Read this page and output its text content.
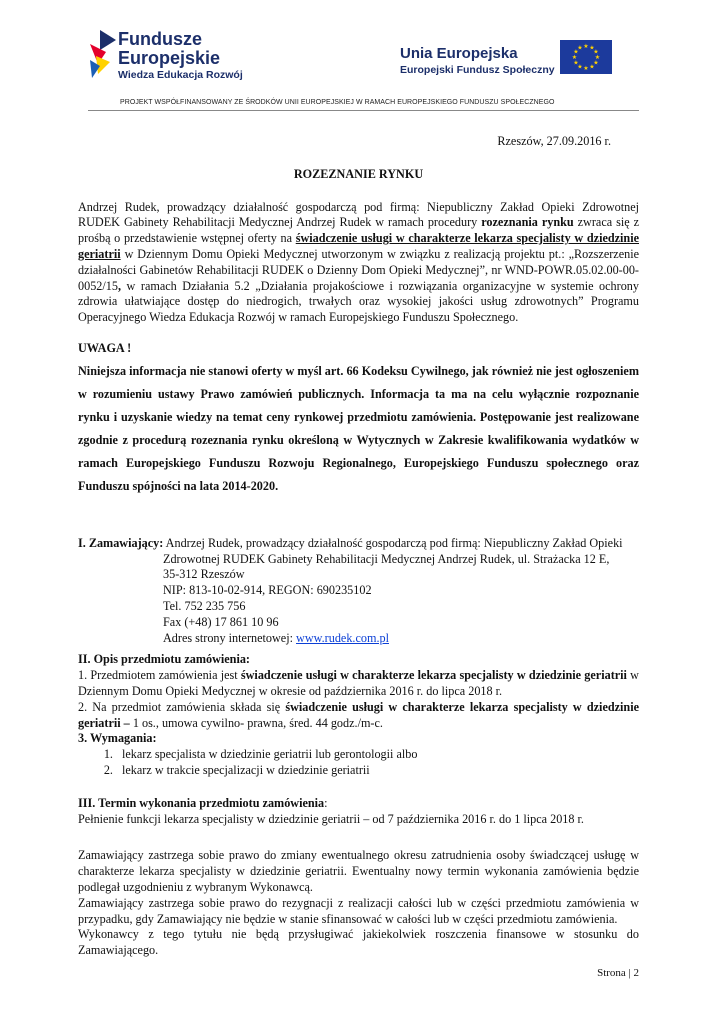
Fundusze
Europejskie
Wiedza Edukacja Rozwój
Unia Europejska
Europejski Fundusz Społeczny
★ ★
★
★
★
★
★
★
★
★
★
★
PROJEKT WSPÓŁFINANSOWANY ZE ŚRODKÓW UNII EUROPEJSKIEJ W RAMACH EUROPEJSKIEGO FUNDUSZU SPOŁECZNEGO

Rzeszów, 27.09.2016 r.

ROZEZNANIE RYNKU

Andrzej Rudek, prowadzący działalność gospodarczą pod firmą: Niepubliczny Zakład Opieki Zdrowotnej RUDEK Gabinety Rehabilitacji Medycznej Andrzej Rudek w ramach procedury rozeznania rynku zwraca się z prośbą o przedstawienie wstępnej oferty na świadczenie usługi w charakterze lekarza specjalisty w dziedzinie geriatrii w Dziennym Domu Opieki Medycznej utworzonym w związku z realizacją projektu pt.: „Rozszerzenie działalności Gabinetów Rehabilitacji RUDEK o Dzienny Dom Opieki Medycznej”, nr WND-POWR.05.02.00-00-0052/15, w ramach Działania 5.2 „Działania projakościowe i rozwiązania organizacyjne w systemie ochrony zdrowia ułatwiające dostęp do niedrogich, trwałych oraz wysokiej jakości usług zdrowotnych” Programu Operacyjnego Wiedza Edukacja Rozwój w ramach Europejskiego Funduszu Społecznego.

UWAGA !

Niniejsza informacja nie stanowi oferty w myśl art. 66 Kodeksu Cywilnego, jak również nie jest ogłoszeniem w rozumieniu ustawy Prawo zamówień publicznych. Informacja ta ma na celu wyłącznie rozpoznanie rynku i uzyskanie wiedzy na temat ceny rynkowej przedmiotu zamówienia. Postępowanie jest realizowane zgodnie z procedurą rozeznania rynku określoną w Wytycznych w Zakresie kwalifikowania wydatków w ramach Europejskiego Funduszu Rozwoju Regionalnego, Europejskiego Funduszu społecznego oraz Funduszu spójności na lata 2014-2020.

I. Zamawiający: Andrzej Rudek, prowadzący działalność gospodarczą pod firmą: Niepubliczny Zakład Opieki

Zdrowotnej RUDEK Gabinety Rehabilitacji Medycznej Andrzej Rudek, ul. Strażacka 12 E,

35-312 Rzeszów

NIP: 813-10-02-914, REGON: 690235102

Tel. 752 235 756

Fax (+48) 17 861 10 96

Adres strony internetowej: www.rudek.com.pl

II. Opis przedmiotu zamówienia:

1. Przedmiotem zamówienia jest świadczenie usługi w charakterze lekarza specjalisty w dziedzinie geriatrii w Dziennym Domu Opieki Medycznej w okresie od października 2016 r. do lipca 2018 r.

2. Na przedmiot zamówienia składa się świadczenie usługi w charakterze lekarza specjalisty w dziedzinie geriatrii – 1 os., umowa cywilno- prawna, śred. 44 godz./m-c.

3. Wymagania:

1. lekarz specjalista w dziedzinie geriatrii lub gerontologii albo
2. lekarz w trakcie specjalizacji w dziedzinie geriatrii

III. Termin wykonania przedmiotu zamówienia:

Pełnienie funkcji lekarza specjalisty w dziedzinie geriatrii – od 7 października 2016 r. do 1 lipca 2018 r.

Zamawiający zastrzega sobie prawo do zmiany ewentualnego okresu zatrudnienia osoby świadczącej usługę w charakterze lekarza specjalisty w dziedzinie geriatrii. Ewentualny nowy termin wykonania zamówienia będzie podlegał uzgodnieniu z wybranym Wykonawcą.

Zamawiający zastrzega sobie prawo do rezygnacji z realizacji całości lub w części przedmiotu zamówienia w przypadku, gdy Zamawiający nie będzie w stanie sfinansować w całości lub w części przedmiotu zamówienia.

Wykonawcy z tego tytułu nie będą przysługiwać jakiekolwiek roszczenia finansowe w stosunku do Zamawiającego.

Strona | 2
